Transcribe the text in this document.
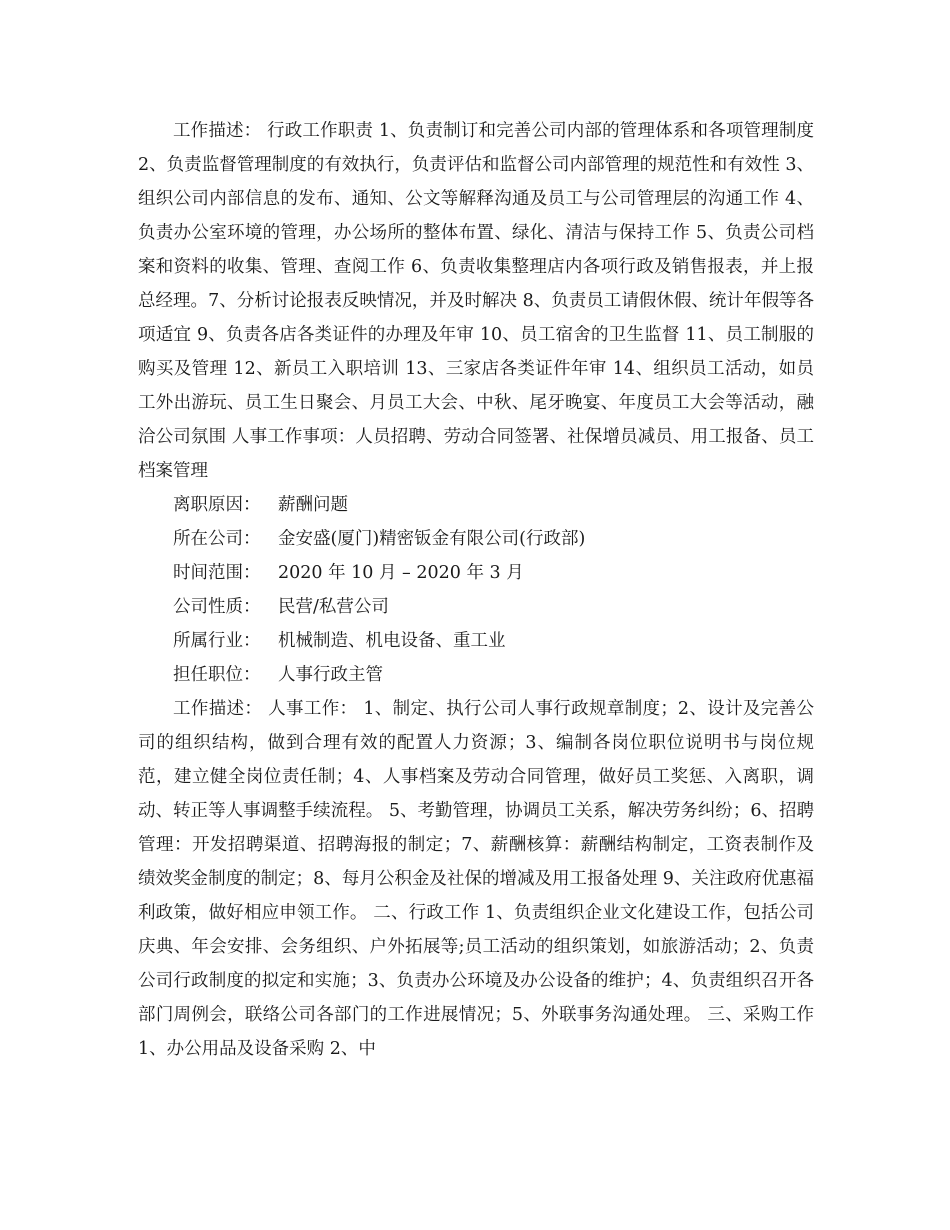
工作描述： 行政工作职责 1、负责制订和完善公司内部的管理体系和各项管理制度 2、负责监督管理制度的有效执行，负责评估和监督公司内部管理的规范性和有效性 3、组织公司内部信息的发布、通知、公文等解释沟通及员工与公司管理层的沟通工作 4、负责办公室环境的管理，办公场所的整体布置、绿化、清洁与保持工作 5、负责公司档案和资料的收集、管理、查阅工作 6、负责收集整理店内各项行政及销售报表，并上报总经理。7、分析讨论报表反映情况，并及时解决 8、负责员工请假休假、统计年假等各项适宜 9、负责各店各类证件的办理及年审 10、员工宿舍的卫生监督 11、员工制服的购买及管理 12、新员工入职培训 13、三家店各类证件年审 14、组织员工活动，如员工外出游玩、员工生日聚会、月员工大会、中秋、尾牙晚宴、年度员工大会等活动，融洽公司氛围 人事工作事项：人员招聘、劳动合同签署、社保增员减员、用工报备、员工档案管理

离职原因： 薪酬问题

所在公司： 金安盛(厦门)精密钣金有限公司(行政部)

时间范围： 2020 年 10 月 – 2020 年 3 月

公司性质： 民营/私营公司

所属行业： 机械制造、机电设备、重工业

担任职位： 人事行政主管

工作描述： 人事工作： 1、制定、执行公司人事行政规章制度；2、设计及完善公司的组织结构，做到合理有效的配置人力资源；3、编制各岗位职位说明书与岗位规范，建立健全岗位责任制；4、人事档案及劳动合同管理，做好员工奖惩、入离职，调动、转正等人事调整手续流程。 5、考勤管理，协调员工关系，解决劳务纠纷；6、招聘管理：开发招聘渠道、招聘海报的制定；7、薪酬核算：薪酬结构制定，工资表制作及绩效奖金制度的制定；8、每月公积金及社保的增减及用工报备处理 9、关注政府优惠福利政策，做好相应申领工作。 二、行政工作 1、负责组织企业文化建设工作，包括公司庆典、年会安排、会务组织、户外拓展等;员工活动的组织策划，如旅游活动；2、负责公司行政制度的拟定和实施；3、负责办公环境及办公设备的维护；4、负责组织召开各部门周例会，联络公司各部门的工作进展情况；5、外联事务沟通处理。 三、采购工作 1、办公用品及设备采购 2、中
